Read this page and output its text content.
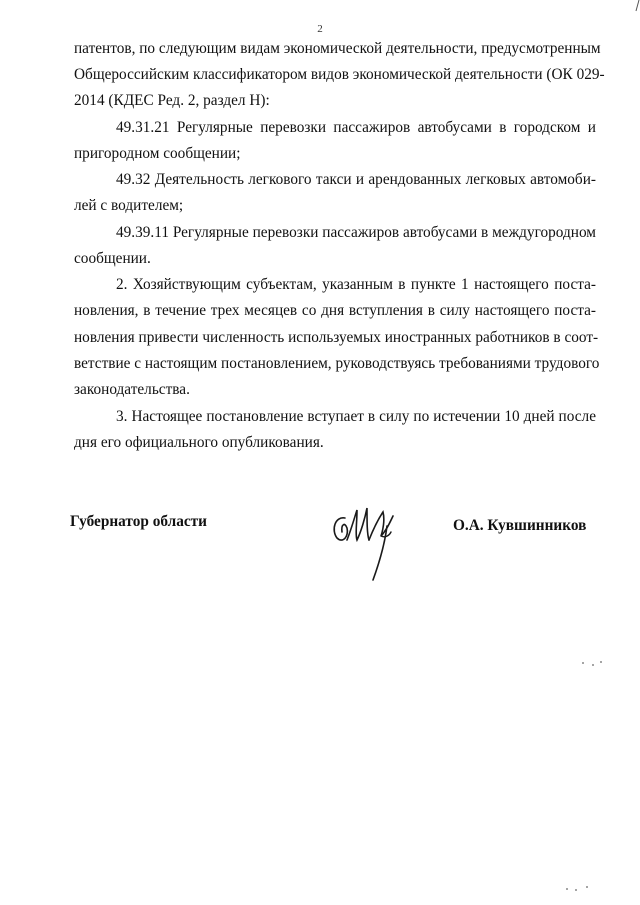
2
патентов, по следующим видам экономической деятельности, предусмотренным
Общероссийским классификатором видов экономической деятельности (ОК 029-
2014 (КДЕС Ред. 2, раздел Н):
49.31.21 Регулярные перевозки пассажиров автобусами в городском и
пригородном сообщении;
49.32 Деятельность легкового такси и арендованных легковых автомоби-
лей с водителем;
49.39.11 Регулярные перевозки пассажиров автобусами в междугородном
сообщении.
2. Хозяйствующим субъектам, указанным в пункте 1 настоящего поста-
новления, в течение трех месяцев со дня вступления в силу настоящего поста-
новления привести численность используемых иностранных работников в соот-
ветствие с настоящим постановлением, руководствуясь требованиями трудового
законодательства.
3. Настоящее постановление вступает в силу по истечении 10 дней после
дня его официального опубликования.
Губернатор области	О.А. Кувшинников
